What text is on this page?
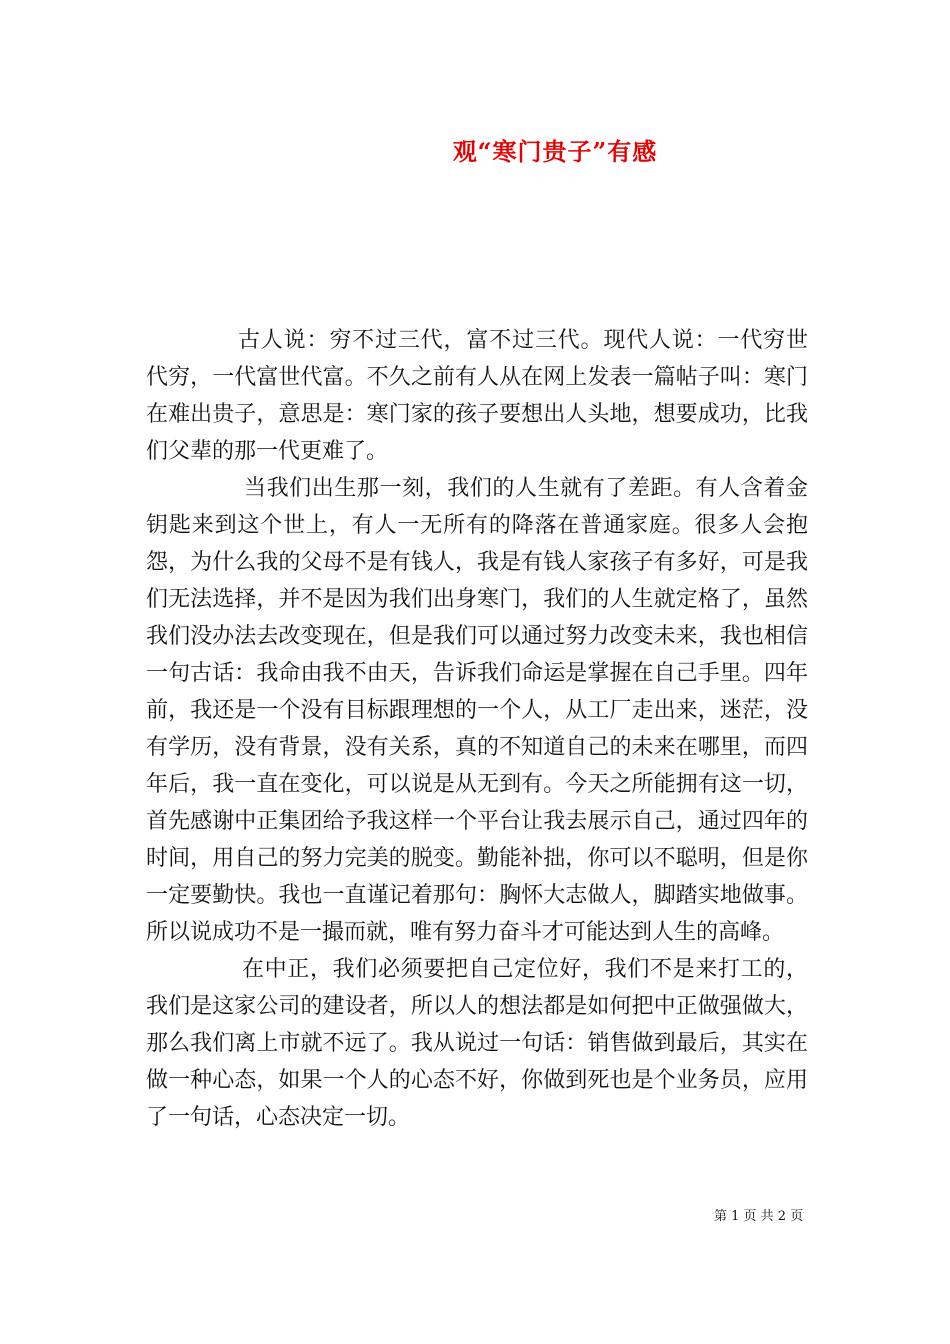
观“寒门贵子”有感

古人说：穷不过三代，富不过三代。现代人说：一代穷世代穷，一代富世代富。不久之前有人从在网上发表一篇帖子叫：寒门在难出贵子，意思是：寒门家的孩子要想出人头地，想要成功，比我们父辈的那一代更难了。

当我们出生那一刻，我们的人生就有了差距。有人含着金钥匙来到这个世上，有人一无所有的降落在普通家庭。很多人会抱怨，为什么我的父母不是有钱人，我是有钱人家孩子有多好，可是我们无法选择，并不是因为我们出身寒门，我们的人生就定格了，虽然我们没办法去改变现在，但是我们可以通过努力改变未来，我也相信一句古话：我命由我不由天，告诉我们命运是掌握在自己手里。四年前，我还是一个没有目标跟理想的一个人，从工厂走出来，迷茫，没有学历，没有背景，没有关系，真的不知道自己的未来在哪里，而四年后，我一直在变化，可以说是从无到有。今天之所能拥有这一切，首先感谢中正集团给予我这样一个平台让我去展示自己，通过四年的时间，用自己的努力完美的脱变。勤能补拙，你可以不聪明，但是你一定要勤快。我也一直谨记着那句：胸怀大志做人，脚踏实地做事。所以说成功不是一撮而就，唯有努力奋斗才可能达到人生的高峰。

在中正，我们必须要把自己定位好，我们不是来打工的，我们是这家公司的建设者，所以人的想法都是如何把中正做强做大，那么我们离上市就不远了。我从说过一句话：销售做到最后，其实在做一种心态，如果一个人的心态不好，你做到死也是个业务员，应用了一句话，心态决定一切。

第 1 页 共 2 页
